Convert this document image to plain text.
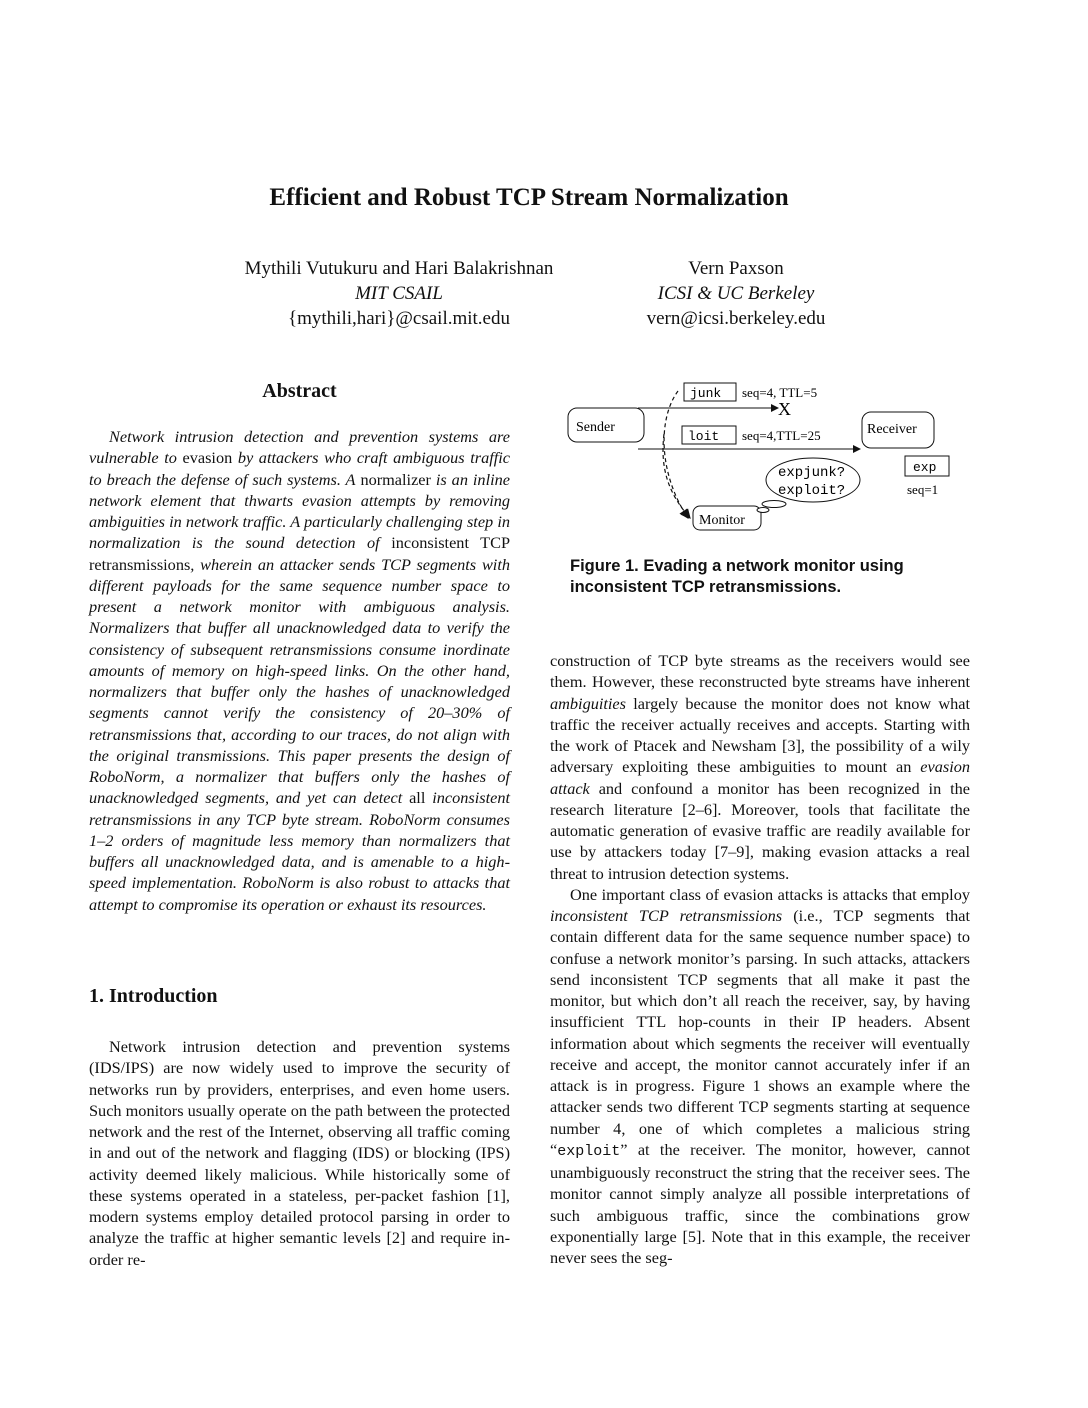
Efficient and Robust TCP Stream Normalization
Mythili Vutukuru and Hari Balakrishnan
MIT CSAIL
{mythili,hari}@csail.mit.edu
Vern Paxson
ICSI & UC Berkeley
vern@icsi.berkeley.edu
Abstract

Network intrusion detection and prevention systems are vulnerable to evasion by attackers who craft ambiguous traffic to breach the defense of such systems. A normalizer is an inline network element that thwarts evasion attempts by removing ambiguities in network traffic. A particularly challenging step in normalization is the sound detection of inconsistent TCP retransmissions, wherein an attacker sends TCP segments with different payloads for the same sequence number space to present a network monitor with ambiguous analysis. Normalizers that buffer all unacknowledged data to verify the consistency of subsequent retransmissions consume inordinate amounts of memory on high-speed links. On the other hand, normalizers that buffer only the hashes of unacknowledged segments cannot verify the consistency of 20–30% of retransmissions that, according to our traces, do not align with the original transmissions. This paper presents the design of RoboNorm, a normalizer that buffers only the hashes of unacknowledged segments, and yet can detect all inconsistent retransmissions in any TCP byte stream. RoboNorm consumes 1–2 orders of magnitude less memory than normalizers that buffers all unacknowledged data, and is amenable to a high-speed implementation. RoboNorm is also robust to attacks that attempt to compromise its operation or exhaust its resources.

1. Introduction

Network intrusion detection and prevention systems (IDS/IPS) are now widely used to improve the security of networks run by providers, enterprises, and even home users. Such monitors usually operate on the path between the protected network and the rest of the Internet, observing all traffic coming in and out of the network and flagging (IDS) or blocking (IPS) activity deemed likely malicious. While historically some of these systems operated in a stateless, per-packet fashion [1], modern systems employ detailed protocol parsing in order to analyze the traffic at higher semantic levels [2] and require in-order re-

Sender	Receiver
Monitor
junk seq=4, TTL=5
X
loit seq=4,TTL=25
exp
seq=1
expjunk?
exploit?
Figure 1. Evading a network monitor using inconsistent TCP retransmissions.

construction of TCP byte streams as the receivers would see them. However, these reconstructed byte streams have inherent ambiguities largely because the monitor does not know what traffic the receiver actually receives and accepts. Starting with the work of Ptacek and Newsham [3], the possibility of a wily adversary exploiting these ambiguities to mount an evasion attack and confound a monitor has been recognized in the research literature [2–6]. Moreover, tools that facilitate the automatic generation of evasive traffic are readily available for use by attackers today [7–9], making evasion attacks a real threat to intrusion detection systems.

One important class of evasion attacks is attacks that employ inconsistent TCP retransmissions (i.e., TCP segments that contain different data for the same sequence number space) to confuse a network monitor’s parsing. In such attacks, attackers send inconsistent TCP segments that all make it past the monitor, but which don’t all reach the receiver, say, by having insufficient TTL hop-counts in their IP headers. Absent information about which segments the receiver will eventually receive and accept, the monitor cannot accurately infer if an attack is in progress. Figure 1 shows an example where the attacker sends two different TCP segments starting at sequence number 4, one of which completes a malicious string “exploit” at the receiver. The monitor, however, cannot unambiguously reconstruct the string that the receiver sees. The monitor cannot simply analyze all possible interpretations of such ambiguous traffic, since the combinations grow exponentially large [5]. Note that in this example, the receiver never sees the seg-
